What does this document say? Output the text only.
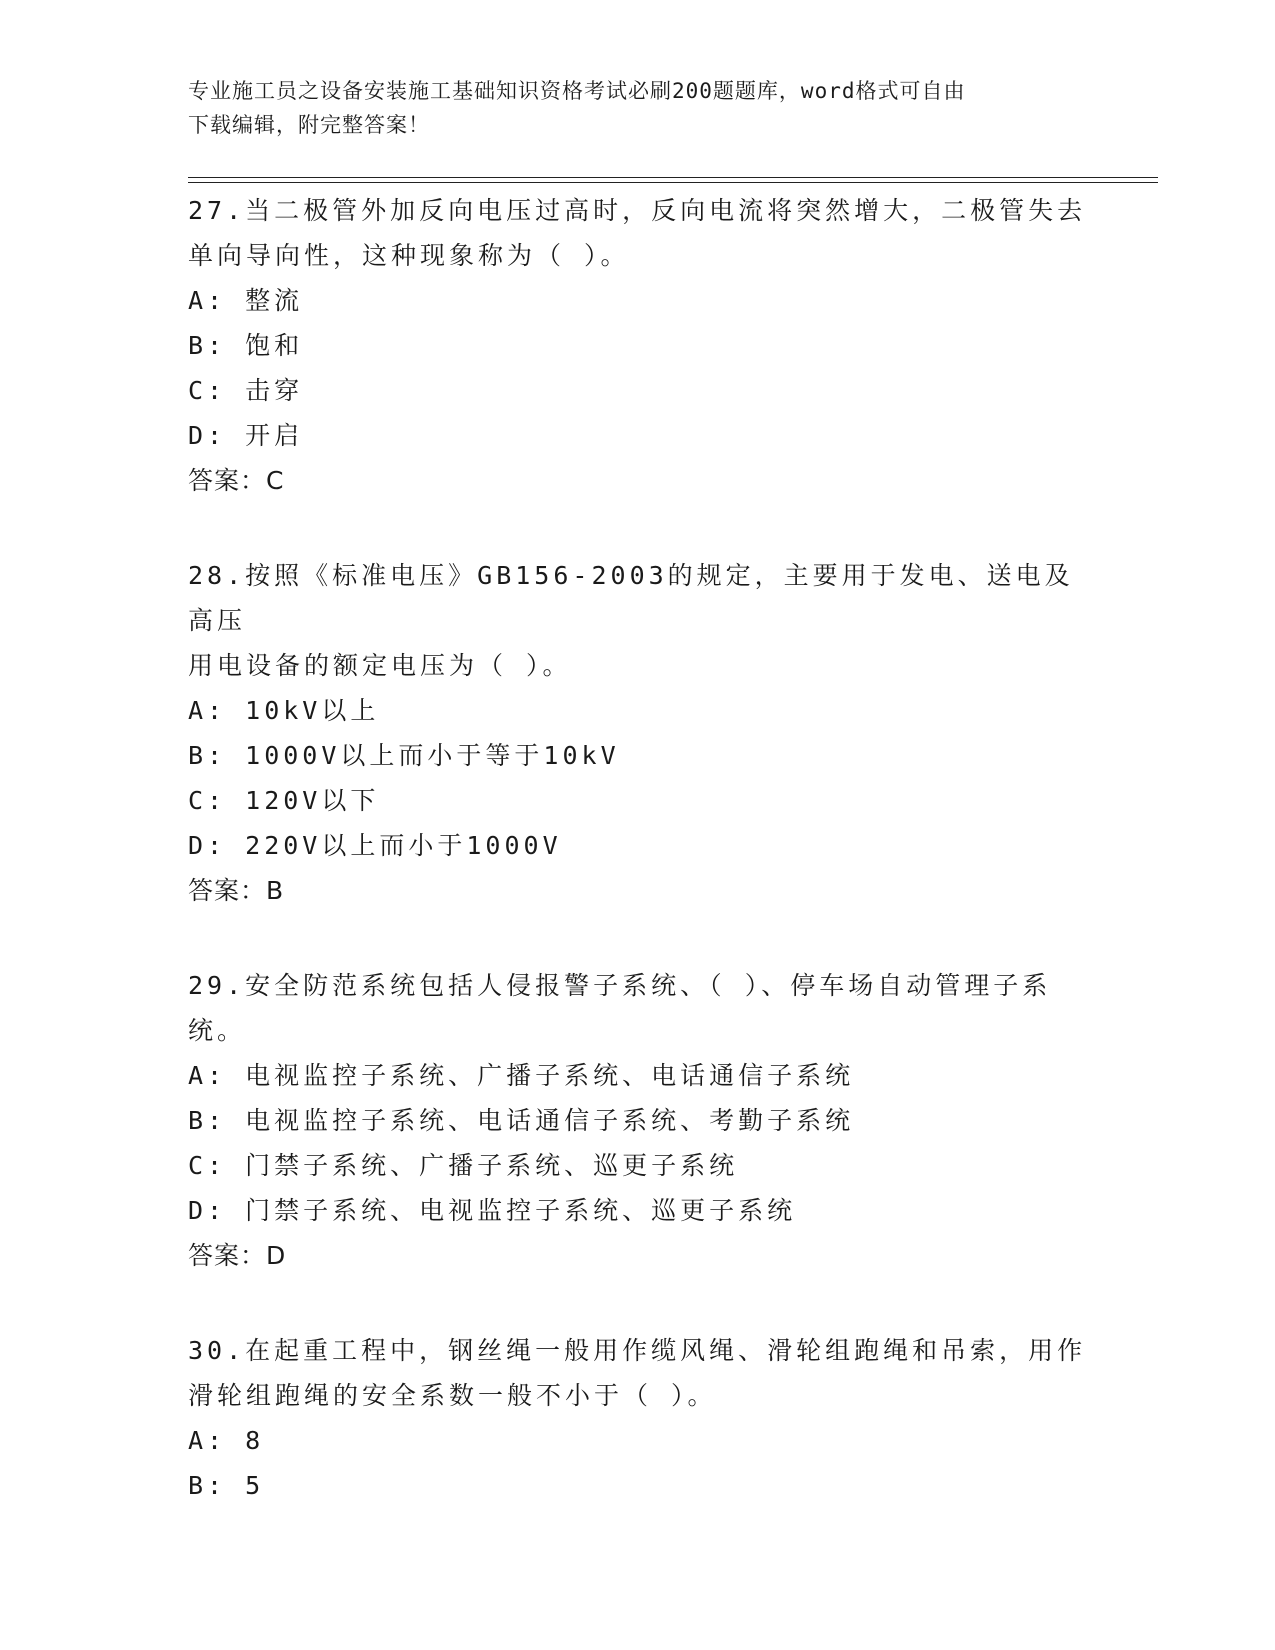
专业施工员之设备安装施工基础知识资格考试必刷200题题库，word格式可自由
下载编辑，附完整答案！
27.当二极管外加反向电压过高时，反向电流将突然增大，二极管失去
单向导向性，这种现象称为（ ）。
A: 整流
B: 饱和
C: 击穿
D: 开启
答案：C
28.按照《标准电压》GB156-2003的规定，主要用于发电、送电及高压
用电设备的额定电压为（ ）。
A: 10kV以上
B: 1000V以上而小于等于10kV
C: 120V以下
D: 220V以上而小于1000V
答案：B
29.安全防范系统包括人侵报警子系统、（ ）、停车场自动管理子系
统。
A: 电视监控子系统、广播子系统、电话通信子系统
B: 电视监控子系统、电话通信子系统、考勤子系统
C: 门禁子系统、广播子系统、巡更子系统
D: 门禁子系统、电视监控子系统、巡更子系统
答案：D
30.在起重工程中，钢丝绳一般用作缆风绳、滑轮组跑绳和吊索，用作
滑轮组跑绳的安全系数一般不小于（ ）。
A: 8
B: 5
